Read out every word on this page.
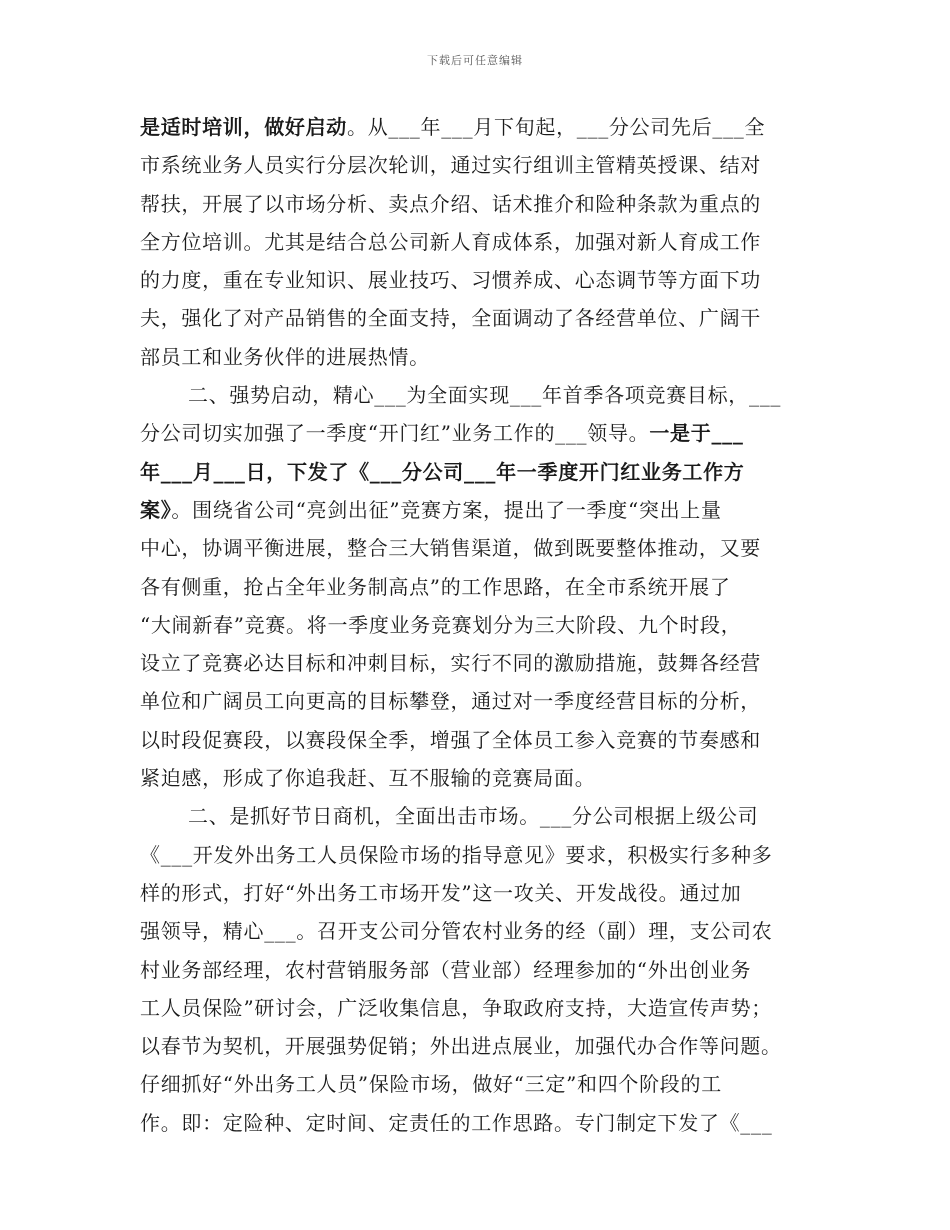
下载后可任意编辑
是适时培训，做好启动。从___年___月下旬起，___分公司先后___全
市系统业务人员实行分层次轮训，通过实行组训主管精英授课、结对
帮扶，开展了以市场分析、卖点介绍、话术推介和险种条款为重点的
全方位培训。尤其是结合总公司新人育成体系，加强对新人育成工作
的力度，重在专业知识、展业技巧、习惯养成、心态调节等方面下功
夫，强化了对产品销售的全面支持，全面调动了各经营单位、广阔干
部员工和业务伙伴的进展热情。
二、强势启动，精心___为全面实现___年首季各项竞赛目标，___
分公司切实加强了一季度“开门红”业务工作的___领导。一是于___
年___月___日，下发了《___分公司___年一季度开门红业务工作方
案》。围绕省公司“亮剑出征”竞赛方案，提出了一季度“突出上量
中心，协调平衡进展，整合三大销售渠道，做到既要整体推动，又要
各有侧重，抢占全年业务制高点”的工作思路，在全市系统开展了
“大闹新春”竞赛。将一季度业务竞赛划分为三大阶段、九个时段，
设立了竞赛必达目标和冲刺目标，实行不同的激励措施，鼓舞各经营
单位和广阔员工向更高的目标攀登，通过对一季度经营目标的分析，
以时段促赛段，以赛段保全季，增强了全体员工参入竞赛的节奏感和
紧迫感，形成了你追我赶、互不服输的竞赛局面。
二、是抓好节日商机，全面出击市场。___分公司根据上级公司
《___开发外出务工人员保险市场的指导意见》要求，积极实行多种多
样的形式，打好“外出务工市场开发”这一攻关、开发战役。通过加
强领导，精心___。召开支公司分管农村业务的经（副）理，支公司农
村业务部经理，农村营销服务部（营业部）经理参加的“外出创业务
工人员保险”研讨会，广泛收集信息，争取政府支持，大造宣传声势；
以春节为契机，开展强势促销；外出进点展业，加强代办合作等问题。
仔细抓好“外出务工人员”保险市场，做好“三定”和四个阶段的工
作。即：定险种、定时间、定责任的工作思路。专门制定下发了《___
